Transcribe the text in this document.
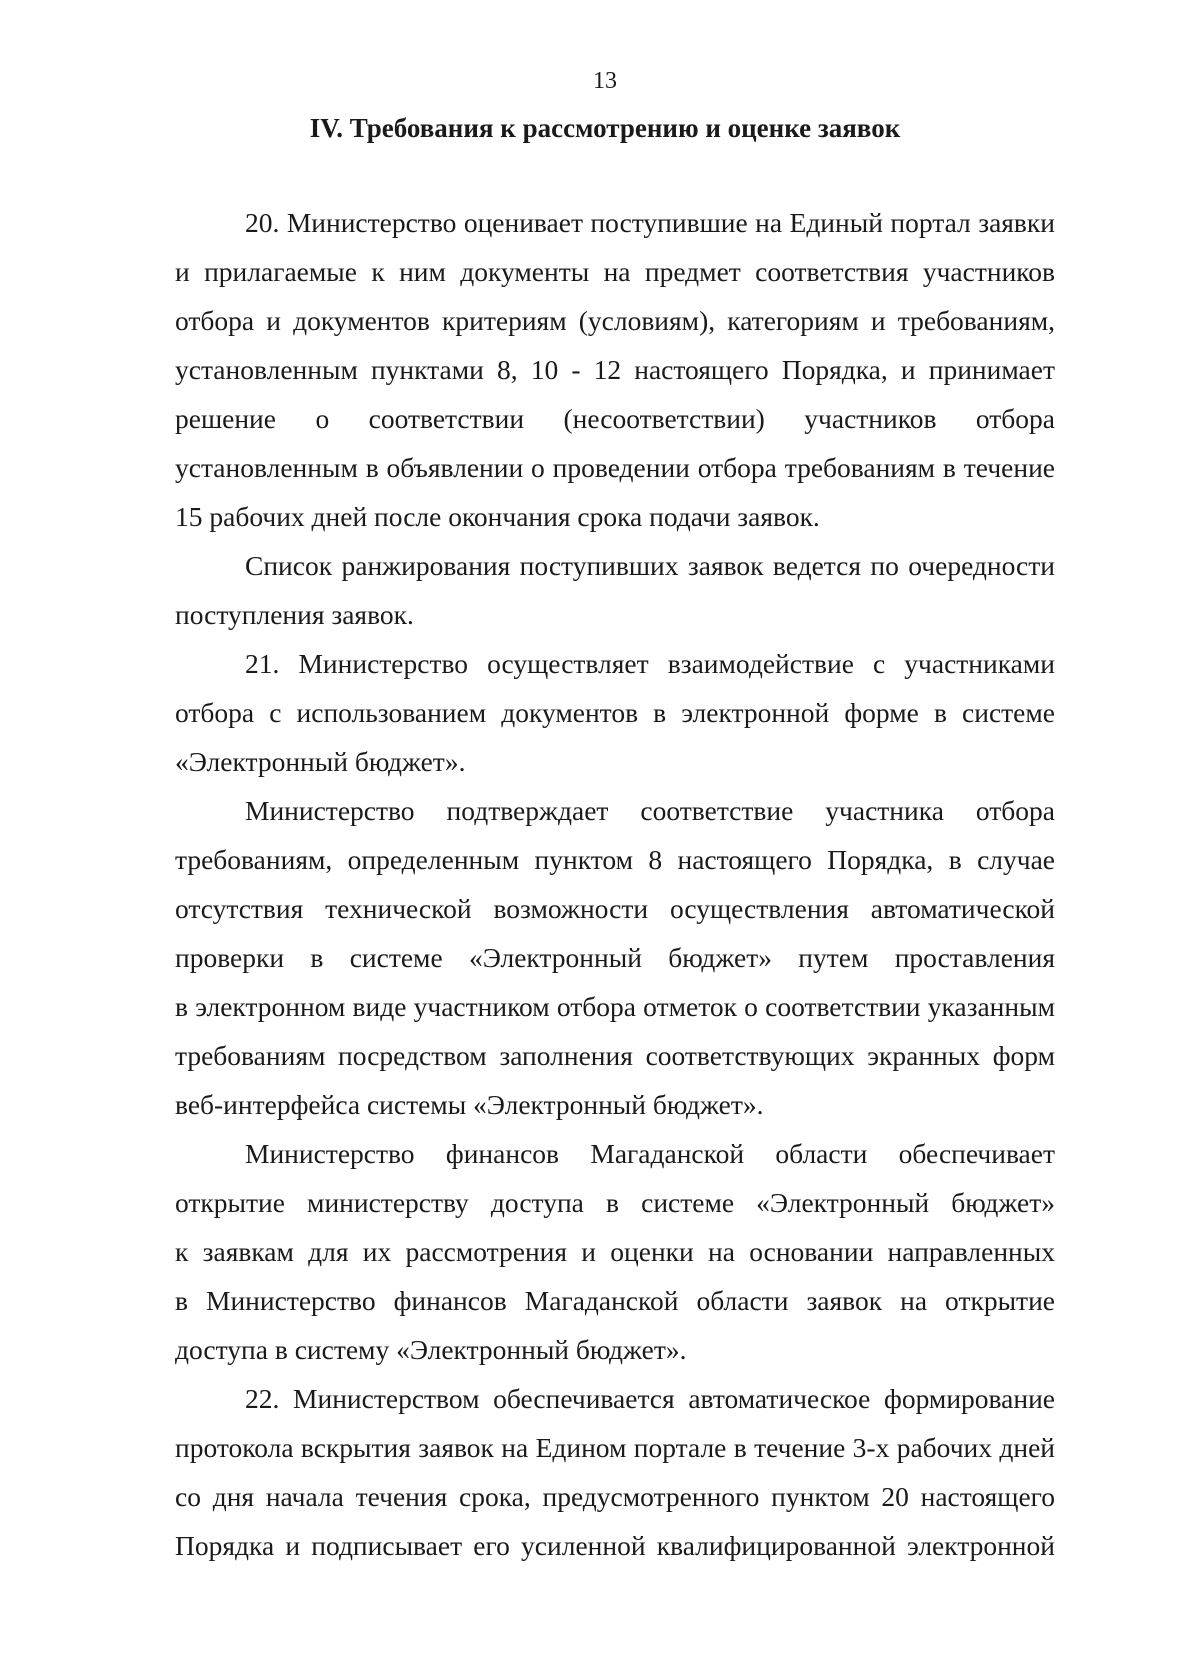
13
IV. Требования к рассмотрению и оценке заявок
20. Министерство оценивает поступившие на Единый портал заявки
и прилагаемые к ним документы на предмет соответствия участников
отбора и документов критериям (условиям), категориям и требованиям,
установленным пунктами 8, 10 - 12 настоящего Порядка, и принимает
решение о соответствии (несоответствии) участников отбора
установленным в объявлении о проведении отбора требованиям в течение
15 рабочих дней после окончания срока подачи заявок.
Список ранжирования поступивших заявок ведется по очередности
поступления заявок.
21. Министерство осуществляет взаимодействие с участниками
отбора с использованием документов в электронной форме в системе
«Электронный бюджет».
Министерство подтверждает соответствие участника отбора
требованиям, определенным пунктом 8 настоящего Порядка, в случае
отсутствия технической возможности осуществления автоматической
проверки в системе «Электронный бюджет» путем проставления
в электронном виде участником отбора отметок о соответствии указанным
требованиям посредством заполнения соответствующих экранных форм
веб-интерфейса системы «Электронный бюджет».
Министерство финансов Магаданской области обеспечивает
открытие министерству доступа в системе «Электронный бюджет»
к заявкам для их рассмотрения и оценки на основании направленных
в Министерство финансов Магаданской области заявок на открытие
доступа в систему «Электронный бюджет».
22. Министерством обеспечивается автоматическое формирование
протокола вскрытия заявок на Едином портале в течение 3-х рабочих дней
со дня начала течения срока, предусмотренного пунктом 20 настоящего
Порядка и подписывает его усиленной квалифицированной электронной
